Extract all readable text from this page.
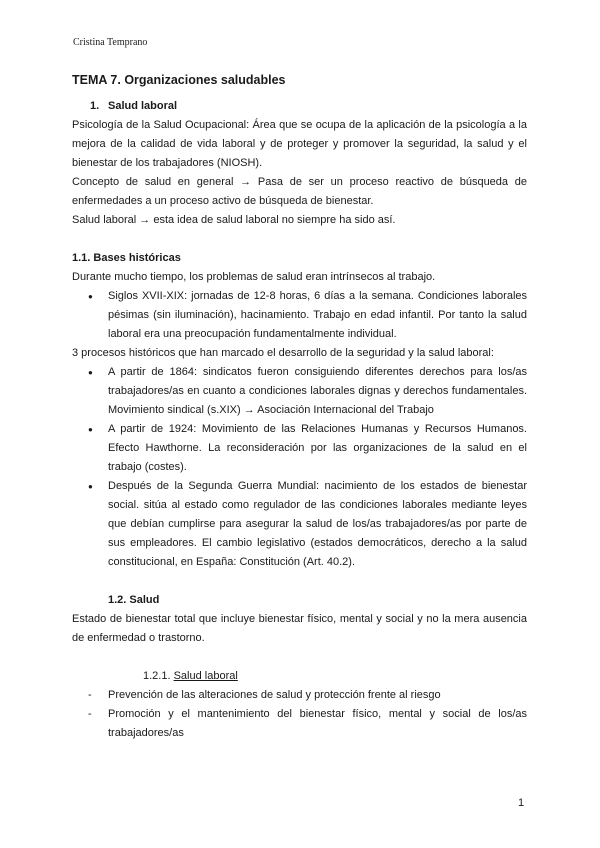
Cristina Temprano
TEMA 7. Organizaciones saludables
1. Salud laboral

Psicología de la Salud Ocupacional: Área que se ocupa de la aplicación de la psicología a la mejora de la calidad de vida laboral y de proteger y promover la seguridad, la salud y el bienestar de los trabajadores (NIOSH).

Concepto de salud en general → Pasa de ser un proceso reactivo de búsqueda de enfermedades a un proceso activo de búsqueda de bienestar.

Salud laboral → esta idea de salud laboral no siempre ha sido así.

1.1. Bases históricas

Durante mucho tiempo, los problemas de salud eran intrínsecos al trabajo.

● Siglos XVII-XIX: jornadas de 12-8 horas, 6 días a la semana. Condiciones laborales pésimas (sin iluminación), hacinamiento. Trabajo en edad infantil. Por tanto la salud laboral era una preocupación fundamentalmente individual.

3 procesos históricos que han marcado el desarrollo de la seguridad y la salud laboral:

● A partir de 1864: sindicatos fueron consiguiendo diferentes derechos para los/as trabajadores/as en cuanto a condiciones laborales dignas y derechos fundamentales. Movimiento sindical (s.XIX) → Asociación Internacional del Trabajo
● A partir de 1924: Movimiento de las Relaciones Humanas y Recursos Humanos. Efecto Hawthorne. La reconsideración por las organizaciones de la salud en el trabajo (costes).
● Después de la Segunda Guerra Mundial: nacimiento de los estados de bienestar social. sitúa al estado como regulador de las condiciones laborales mediante leyes que debían cumplirse para asegurar la salud de los/as trabajadores/as por parte de sus empleadores. El cambio legislativo (estados democráticos, derecho a la salud constitucional, en España: Constitución (Art. 40.2).
1.2. Salud

Estado de bienestar total que incluye bienestar físico, mental y social y no la mera ausencia de enfermedad o trastorno.

1.2.1. Salud laboral
- Prevención de las alteraciones de salud y protección frente al riesgo
- Promoción y el mantenimiento del bienestar físico, mental y social de los/as trabajadores/as
1
